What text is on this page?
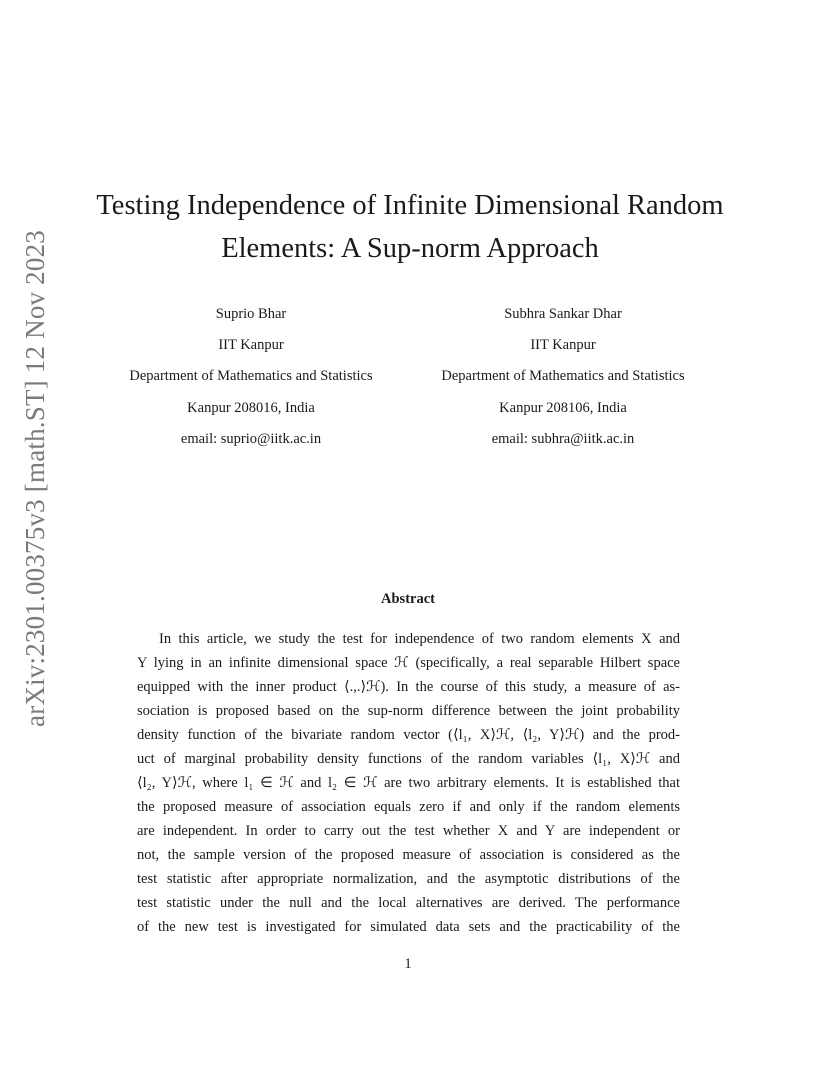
arXiv:2301.00375v3 [math.ST] 12 Nov 2023
Testing Independence of Infinite Dimensional Random
Elements: A Sup-norm Approach
Suprio Bhar
IIT Kanpur
Department of Mathematics and Statistics
Kanpur 208016, India
email: suprio@iitk.ac.in
Subhra Sankar Dhar
IIT Kanpur
Department of Mathematics and Statistics
Kanpur 208106, India
email: subhra@iitk.ac.in
Abstract
In this article, we study the test for independence of two random elements X and
Y lying in an infinite dimensional space ℋ (specifically, a real separable Hilbert space
equipped with the inner product ⟨.,.⟩ℋ). In the course of this study, a measure of as-
sociation is proposed based on the sup-norm difference between the joint probability
density function of the bivariate random vector (⟨l₁, X⟩ℋ, ⟨l₂, Y⟩ℋ) and the prod-
uct of marginal probability density functions of the random variables ⟨l₁, X⟩ℋ and
⟨l₂, Y⟩ℋ, where l₁ ∈ ℋ and l₂ ∈ ℋ are two arbitrary elements. It is established that
the proposed measure of association equals zero if and only if the random elements
are independent. In order to carry out the test whether X and Y are independent or
not, the sample version of the proposed measure of association is considered as the
test statistic after appropriate normalization, and the asymptotic distributions of the
test statistic under the null and the local alternatives are derived. The performance
of the new test is investigated for simulated data sets and the practicability of the
1
